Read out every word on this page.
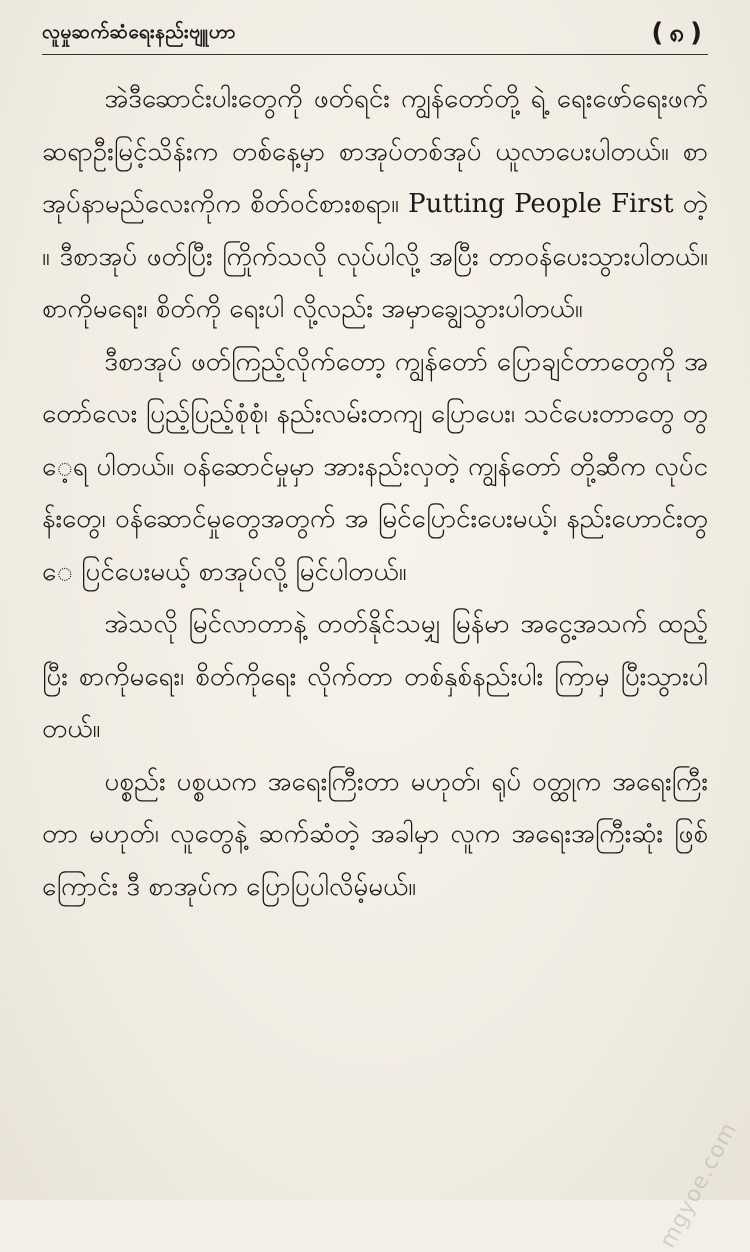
လူမှုဆက်ဆံရေးနည်းဗျူဟာ	(၈)

အဲဒီဆောင်းပါးတွေကို ဖတ်ရင်း ကျွန်တော်တို့ ရဲ့ ရေးဖော်ရေးဖက် ဆရာဦးမြင့်သိန်းက တစ်နေ့မှာ စာအုပ်တစ်အုပ် ယူလာပေးပါတယ်။ စာအုပ်နာမည်လေးကိုက စိတ်ဝင်စားစရာ။ Putting People First တဲ့။ ဒီစာအုပ် ဖတ်ပြီး ကြိုက်သလို လုပ်ပါလို့ အပြီး တာဝန်ပေးသွားပါတယ်။ စာကိုမရေး၊ စိတ်ကို ရေးပါ လို့လည်း အမှာချွေသွားပါတယ်။

ဒီစာအုပ် ဖတ်ကြည့်လိုက်တော့ ကျွန်တော် ပြောချင်တာတွေကို အတော်လေး ပြည့်ပြည့်စုံစုံ၊ နည်းလမ်းတကျ ပြောပေး၊ သင်ပေးတာတွေ တွေ့ရ ပါတယ်။ ဝန်ဆောင်မှုမှာ အားနည်းလှတဲ့ ကျွန်တော် တို့ဆီက လုပ်ငန်းတွေ၊ ဝန်ဆောင်မှုတွေအတွက် အ မြင်ပြောင်းပေးမယ့်၊ နည်းဟောင်းတွေ ပြင်ပေးမယ့် စာအုပ်လို့ မြင်ပါတယ်။

အဲသလို မြင်လာတာနဲ့ တတ်နိုင်သမျှ မြန်မာ အငွေ့အသက် ထည့်ပြီး စာကိုမရေး၊ စိတ်ကိုရေး လိုက်တာ တစ်နှစ်နည်းပါး ကြာမှ ပြီးသွားပါတယ်။

ပစ္စည်း ပစ္စယက အရေးကြီးတာ မဟုတ်၊ ရုပ် ဝတ္ထုက အရေးကြီးတာ မဟုတ်၊ လူတွေနဲ့ ဆက်ဆံတဲ့ အခါမှာ လူက အရေးအကြီးဆုံး ဖြစ်ကြောင်း ဒီ စာအုပ်က ပြောပြပါလိမ့်မယ်။

mgyoe.com
